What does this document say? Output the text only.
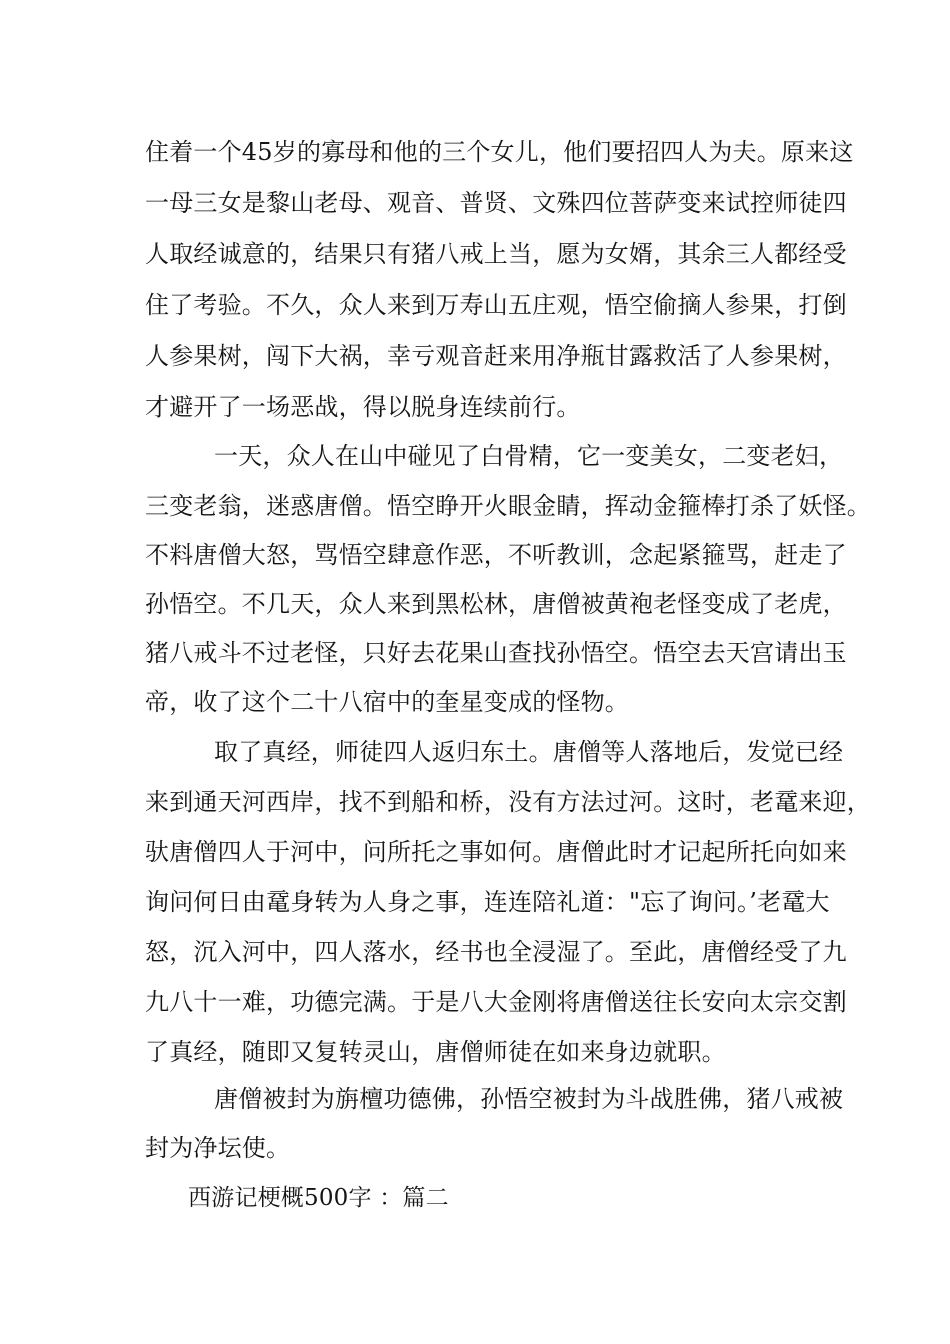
住着一个45岁的寡母和他的三个女儿，他们要招四人为夫。原来这
一母三女是黎山老母、观音、普贤、文殊四位菩萨变来试控师徒四
人取经诚意的，结果只有猪八戒上当，愿为女婿，其余三人都经受
住了考验。不久，众人来到万寿山五庄观，悟空偷摘人参果，打倒
人参果树，闯下大祸，幸亏观音赶来用净瓶甘露救活了人参果树，
才避开了一场恶战，得以脱身连续前行。
一天，众人在山中碰见了白骨精，它一变美女，二变老妇，
三变老翁，迷惑唐僧。悟空睁开火眼金睛，挥动金箍棒打杀了妖怪。
不料唐僧大怒，骂悟空肆意作恶，不听教训，念起紧箍骂，赶走了
孙悟空。不几天，众人来到黑松林，唐僧被黄袍老怪变成了老虎，
猪八戒斗不过老怪，只好去花果山查找孙悟空。悟空去天宫请出玉
帝，收了这个二十八宿中的奎星变成的怪物。
取了真经，师徒四人返归东土。唐僧等人落地后，发觉已经
来到通天河西岸，找不到船和桥，没有方法过河。这时，老鼋来迎，
驮唐僧四人于河中，问所托之事如何。唐僧此时才记起所托向如来
询问何日由鼋身转为人身之事，连连陪礼道："忘了询问。’老鼋大
怒，沉入河中，四人落水，经书也全浸湿了。至此，唐僧经受了九
九八十一难，功德完满。于是八大金刚将唐僧送往长安向太宗交割
了真经，随即又复转灵山，唐僧师徒在如来身边就职。
唐僧被封为旃檀功德佛，孙悟空被封为斗战胜佛，猪八戒被
封为净坛使。
西游记梗概500字 ：篇二
